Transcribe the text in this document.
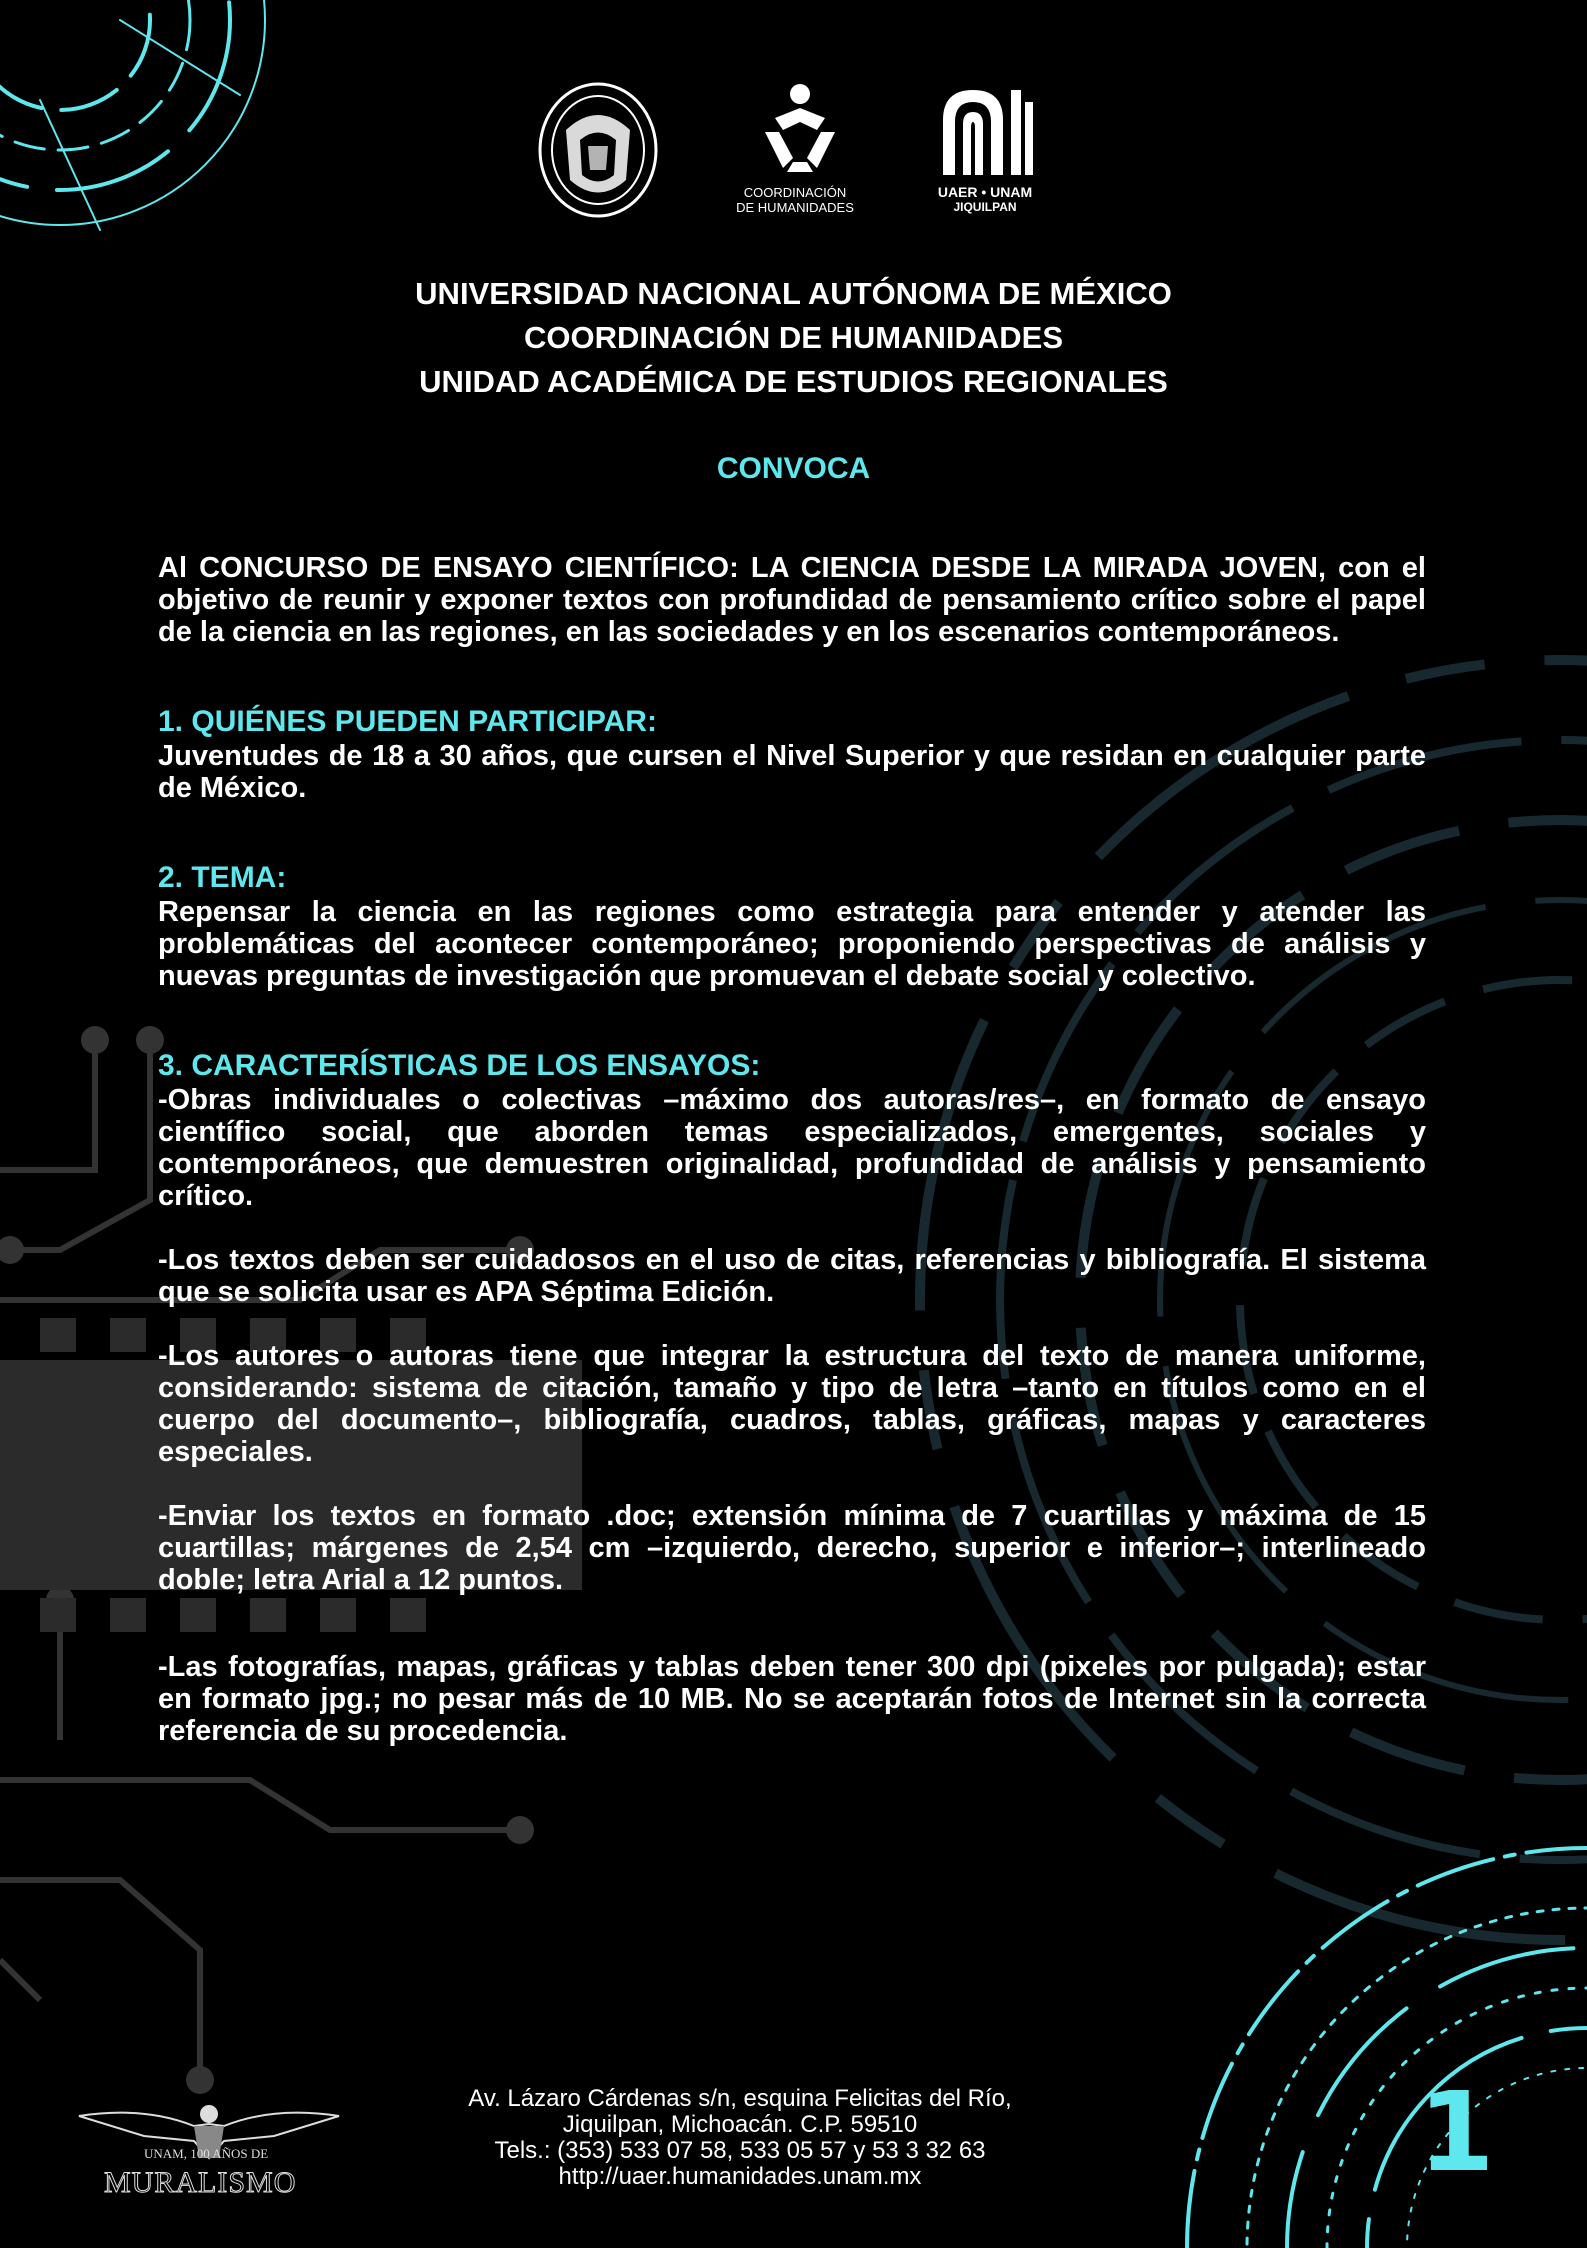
COORDINACIÓN
DE HUMANIDADES
UAER • UNAM
JIQUILPAN
UNIVERSIDAD NACIONAL AUTÓNOMA DE MÉXICO
COORDINACIÓN DE HUMANIDADES
UNIDAD ACADÉMICA DE ESTUDIOS REGIONALES
CONVOCA

Al CONCURSO DE ENSAYO CIENTÍFICO: LA CIENCIA DESDE LA MIRADA JOVEN, con el objetivo de reunir y exponer textos con profundidad de pensamiento crítico sobre el papel de la ciencia en las regiones, en las sociedades y en los escenarios contemporáneos.

1. QUIÉNES PUEDEN PARTICIPAR:

Juventudes de 18 a 30 años, que cursen el Nivel Superior y que residan en cualquier parte de México.

2. TEMA:

Repensar la ciencia en las regiones como estrategia para entender y atender las problemáticas del acontecer contemporáneo; proponiendo perspectivas de análisis y nuevas preguntas de investigación que promuevan el debate social y colectivo.

3. CARACTERÍSTICAS DE LOS ENSAYOS:

-Obras individuales o colectivas –máximo dos autoras/res–, en formato de ensayo científico social, que aborden temas especializados, emergentes, sociales y contemporáneos, que demuestren originalidad, profundidad de análisis y pensamiento crítico.

-Los textos deben ser cuidadosos en el uso de citas, referencias y bibliografía. El sistema que se solicita usar es APA Séptima Edición.

-Los autores o autoras tiene que integrar la estructura del texto de manera uniforme, considerando: sistema de citación, tamaño y tipo de letra –tanto en títulos como en el cuerpo del documento–, bibliografía, cuadros, tablas, gráficas, mapas y caracteres especiales.

-Enviar los textos en formato .doc; extensión mínima de 7 cuartillas y máxima de 15 cuartillas; márgenes de 2,54 cm –izquierdo, derecho, superior e inferior–; interlineado doble; letra Arial a 12 puntos.

-Las fotografías, mapas, gráficas y tablas deben tener 300 dpi (pixeles por pulgada); estar en formato jpg.; no pesar más de 10 MB. No se aceptarán fotos de Internet sin la correcta referencia de su procedencia.

UNAM, 100 AÑOS DE
MURALISMO
Av. Lázaro Cárdenas s/n, esquina Felicitas del Río,
Jiquilpan, Michoacán. C.P. 59510
Tels.: (353) 533 07 58, 533 05 57 y 53 3 32 63
http://uaer.humanidades.unam.mx	1
